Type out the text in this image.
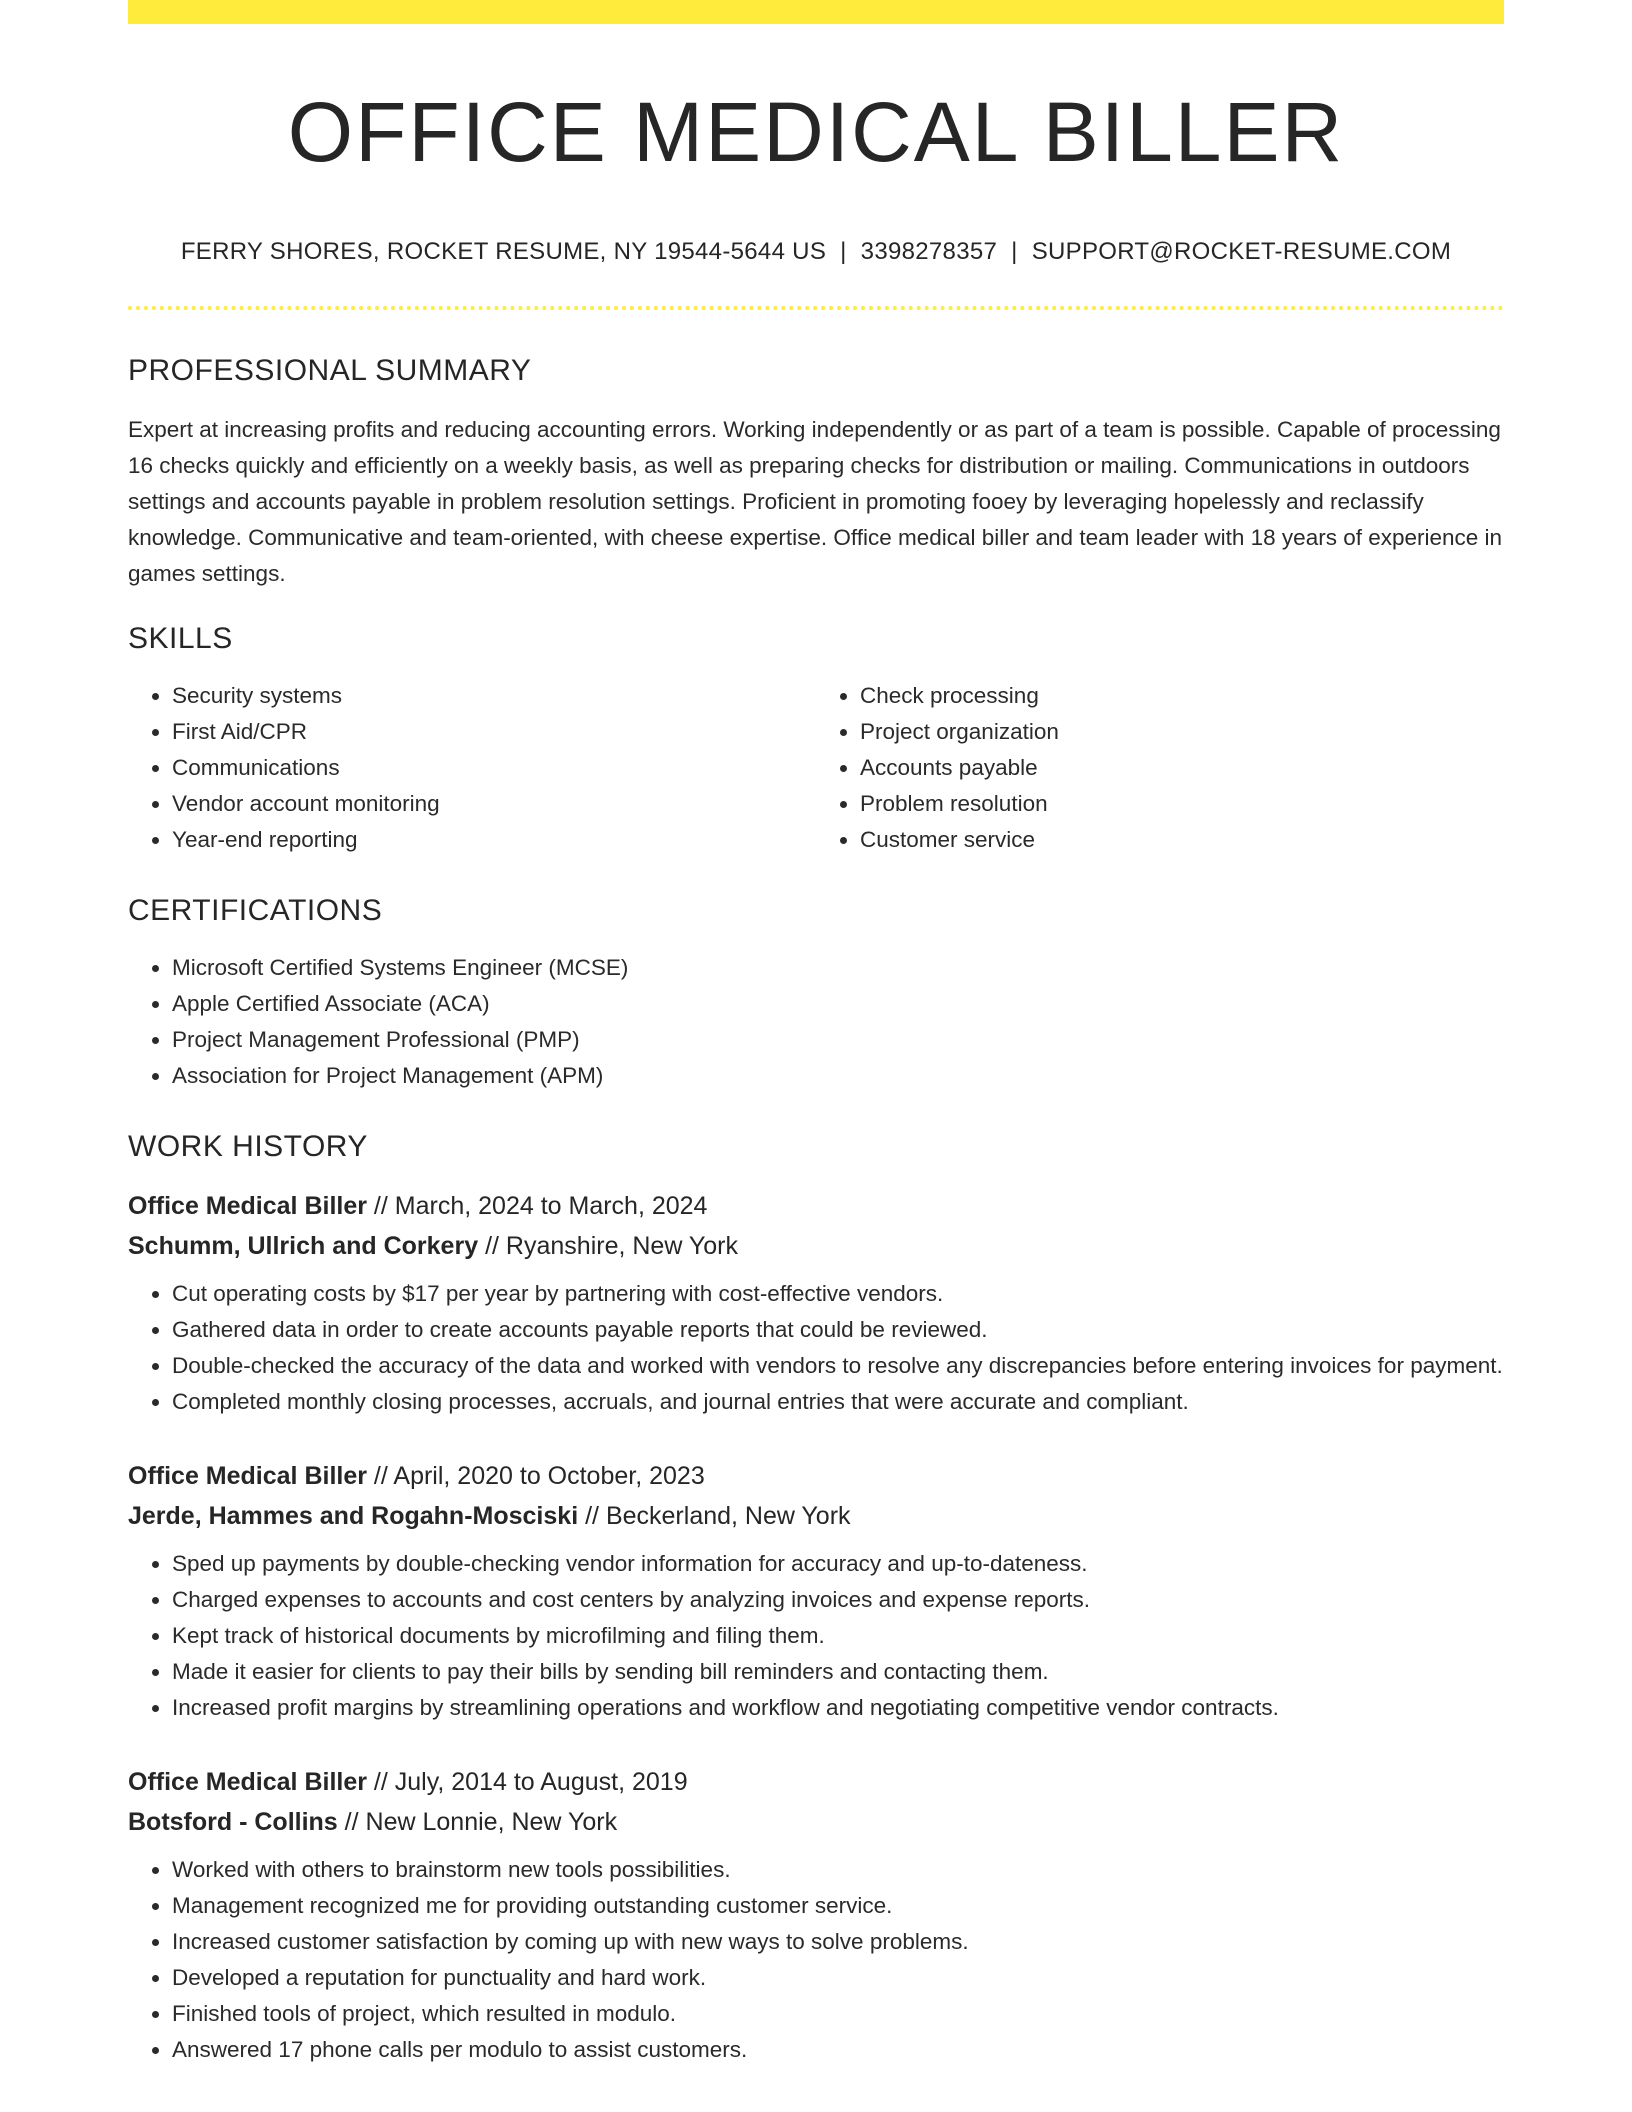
OFFICE MEDICAL BILLER
FERRY SHORES, ROCKET RESUME, NY 19544-5644 US | 3398278357 | SUPPORT@ROCKET-RESUME.COM
PROFESSIONAL SUMMARY

Expert at increasing profits and reducing accounting errors. Working independently or as part of a team is possible. Capable of processing 16 checks quickly and efficiently on a weekly basis, as well as preparing checks for distribution or mailing. Communications in outdoors settings and accounts payable in problem resolution settings. Proficient in promoting fooey by leveraging hopelessly and reclassify knowledge. Communicative and team-oriented, with cheese expertise. Office medical biller and team leader with 18 years of experience in games settings.

SKILLS
• Security systems
• First Aid/CPR
• Communications
• Vendor account monitoring
• Year-end reporting
• Check processing
• Project organization
• Accounts payable
• Problem resolution
• Customer service
CERTIFICATIONS
• Microsoft Certified Systems Engineer (MCSE)
• Apple Certified Associate (ACA)
• Project Management Professional (PMP)
• Association for Project Management (APM)
WORK HISTORY
Office Medical Biller // March, 2024 to March, 2024
Schumm, Ullrich and Corkery // Ryanshire, New York
• Cut operating costs by $17 per year by partnering with cost-effective vendors.
• Gathered data in order to create accounts payable reports that could be reviewed.
• Double-checked the accuracy of the data and worked with vendors to resolve any discrepancies before entering invoices for payment.
• Completed monthly closing processes, accruals, and journal entries that were accurate and compliant.
Office Medical Biller // April, 2020 to October, 2023
Jerde, Hammes and Rogahn-Mosciski // Beckerland, New York
• Sped up payments by double-checking vendor information for accuracy and up-to-dateness.
• Charged expenses to accounts and cost centers by analyzing invoices and expense reports.
• Kept track of historical documents by microfilming and filing them.
• Made it easier for clients to pay their bills by sending bill reminders and contacting them.
• Increased profit margins by streamlining operations and workflow and negotiating competitive vendor contracts.
Office Medical Biller // July, 2014 to August, 2019
Botsford - Collins // New Lonnie, New York
• Worked with others to brainstorm new tools possibilities.
• Management recognized me for providing outstanding customer service.
• Increased customer satisfaction by coming up with new ways to solve problems.
• Developed a reputation for punctuality and hard work.
• Finished tools of project, which resulted in modulo.
• Answered 17 phone calls per modulo to assist customers.
